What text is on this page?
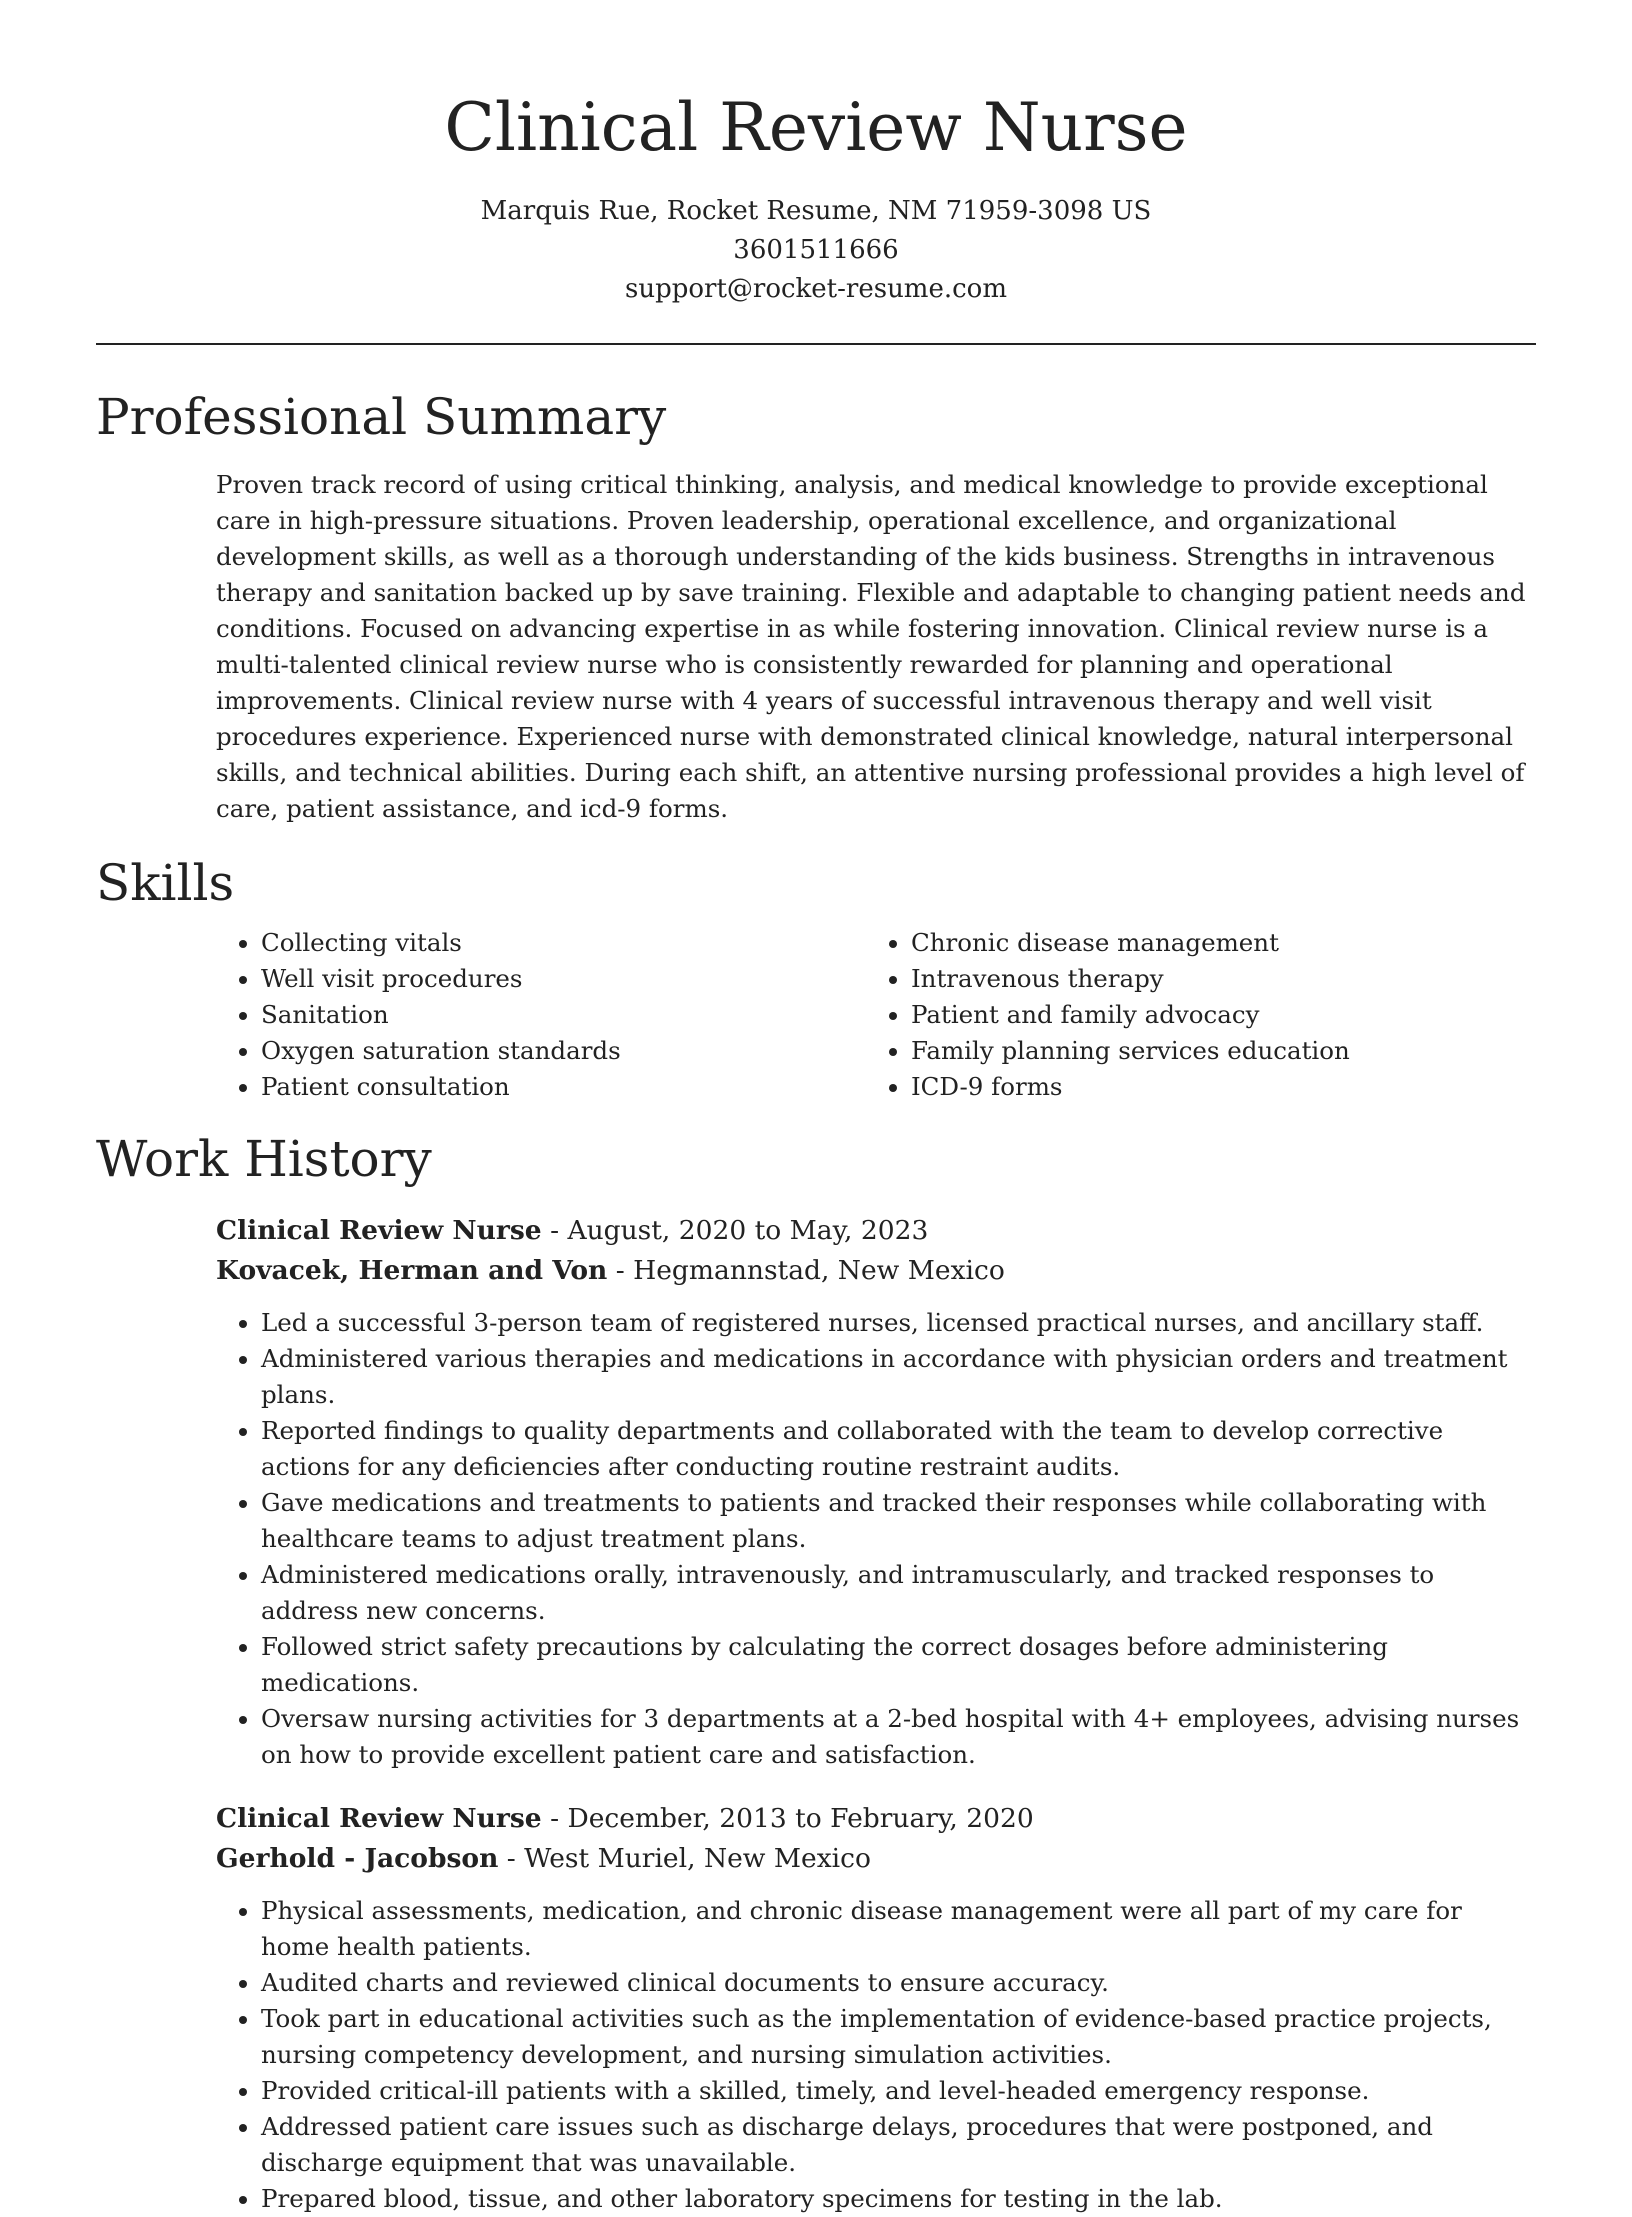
Clinical Review Nurse

Marquis Rue, Rocket Resume, NM 71959-3098 US

3601511666

support@rocket-resume.com

Professional Summary

Proven track record of using critical thinking, analysis, and medical knowledge to provide exceptional care in high-pressure situations. Proven leadership, operational excellence, and organizational development skills, as well as a thorough understanding of the kids business. Strengths in intravenous therapy and sanitation backed up by save training. Flexible and adaptable to changing patient needs and conditions. Focused on advancing expertise in as while fostering innovation. Clinical review nurse is a multi-talented clinical review nurse who is consistently rewarded for planning and operational improvements. Clinical review nurse with 4 years of successful intravenous therapy and well visit procedures experience. Experienced nurse with demonstrated clinical knowledge, natural interpersonal skills, and technical abilities. During each shift, an attentive nursing professional provides a high level of care, patient assistance, and icd-9 forms.

Skills
• Collecting vitals
• Well visit procedures
• Sanitation
• Oxygen saturation standards
• Patient consultation
• Chronic disease management
• Intravenous therapy
• Patient and family advocacy
• Family planning services education
• ICD-9 forms
Work History

Clinical Review Nurse - August, 2020 to May, 2023

Kovacek, Herman and Von - Hegmannstad, New Mexico

• Led a successful 3-person team of registered nurses, licensed practical nurses, and ancillary staff.
• Administered various therapies and medications in accordance with physician orders and treatment plans.
• Reported findings to quality departments and collaborated with the team to develop corrective actions for any deficiencies after conducting routine restraint audits.
• Gave medications and treatments to patients and tracked their responses while collaborating with healthcare teams to adjust treatment plans.
• Administered medications orally, intravenously, and intramuscularly, and tracked responses to address new concerns.
• Followed strict safety precautions by calculating the correct dosages before administering medications.
• Oversaw nursing activities for 3 departments at a 2-bed hospital with 4+ employees, advising nurses on how to provide excellent patient care and satisfaction.

Clinical Review Nurse - December, 2013 to February, 2020

Gerhold - Jacobson - West Muriel, New Mexico

• Physical assessments, medication, and chronic disease management were all part of my care for home health patients.
• Audited charts and reviewed clinical documents to ensure accuracy.
• Took part in educational activities such as the implementation of evidence-based practice projects, nursing competency development, and nursing simulation activities.
• Provided critical-ill patients with a skilled, timely, and level-headed emergency response.
• Addressed patient care issues such as discharge delays, procedures that were postponed, and discharge equipment that was unavailable.
• Prepared blood, tissue, and other laboratory specimens for testing in the lab.
